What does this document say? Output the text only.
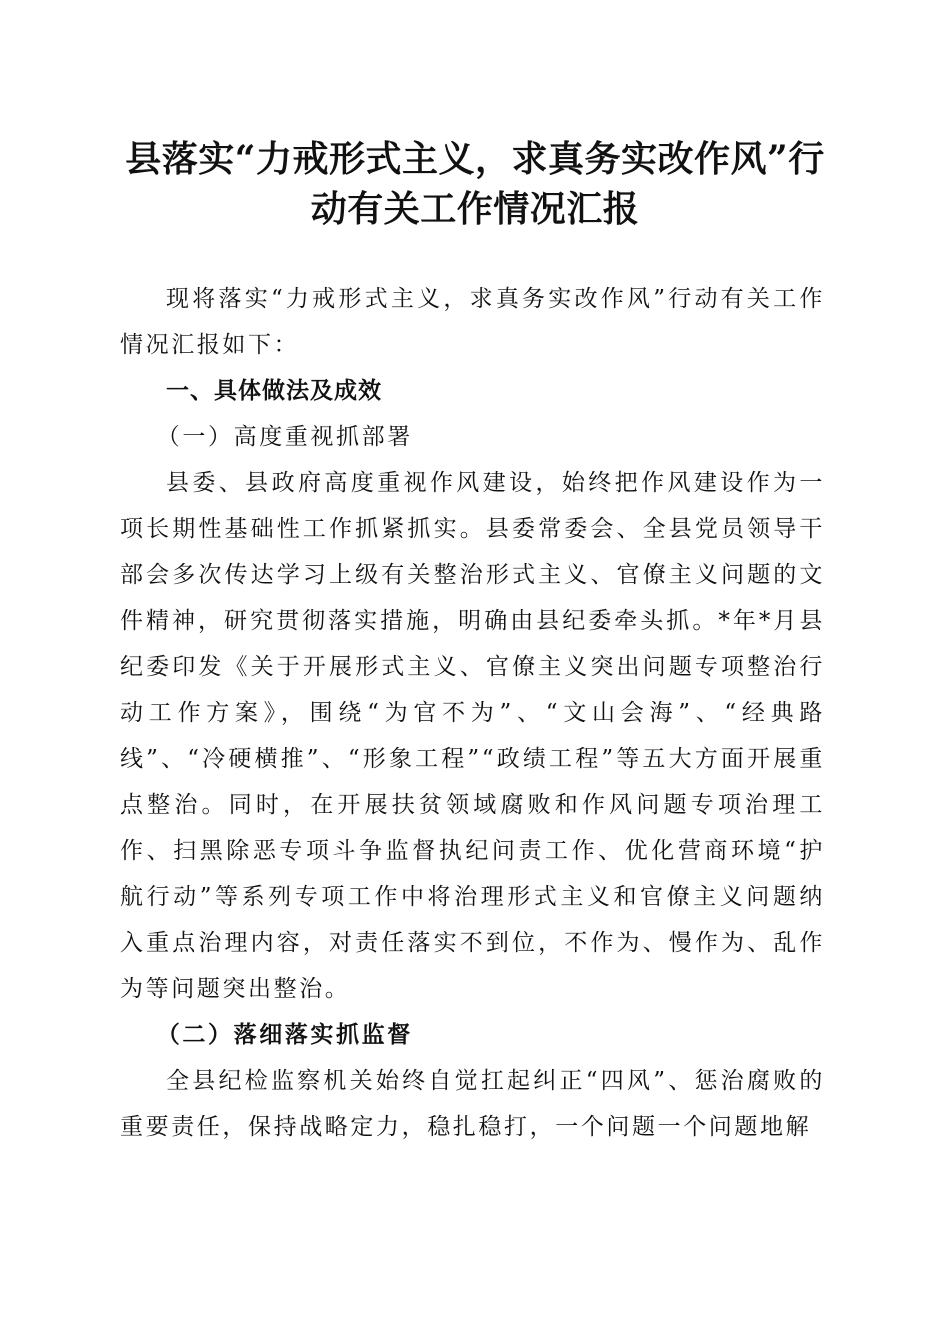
县落实“力戒形式主义，求真务实改作风”行
动有关工作情况汇报

现将落实“力戒形式主义，求真务实改作风”行动有关工作情况汇报如下：

一、具体做法及成效
（一）高度重视抓部署

县委、县政府高度重视作风建设，始终把作风建设作为一项长期性基础性工作抓紧抓实。县委常委会、全县党员领导干部会多次传达学习上级有关整治形式主义、官僚主义问题的文件精神，研究贯彻落实措施，明确由县纪委牵头抓。*年*月县纪委印发《关于开展形式主义、官僚主义突出问题专项整治行动工作方案》，围绕“为官不为”、“文山会海”、“经典路线”、“冷硬横推”、“形象工程”“政绩工程”等五大方面开展重点整治。同时，在开展扶贫领域腐败和作风问题专项治理工作、扫黑除恶专项斗争监督执纪问责工作、优化营商环境“护航行动”等系列专项工作中将治理形式主义和官僚主义问题纳入重点治理内容，对责任落实不到位，不作为、慢作为、乱作为等问题突出整治。

（二）落细落实抓监督

全县纪检监察机关始终自觉扛起纠正“四风”、惩治腐败的重要责任，保持战略定力，稳扎稳打，一个问题一个问题地解
